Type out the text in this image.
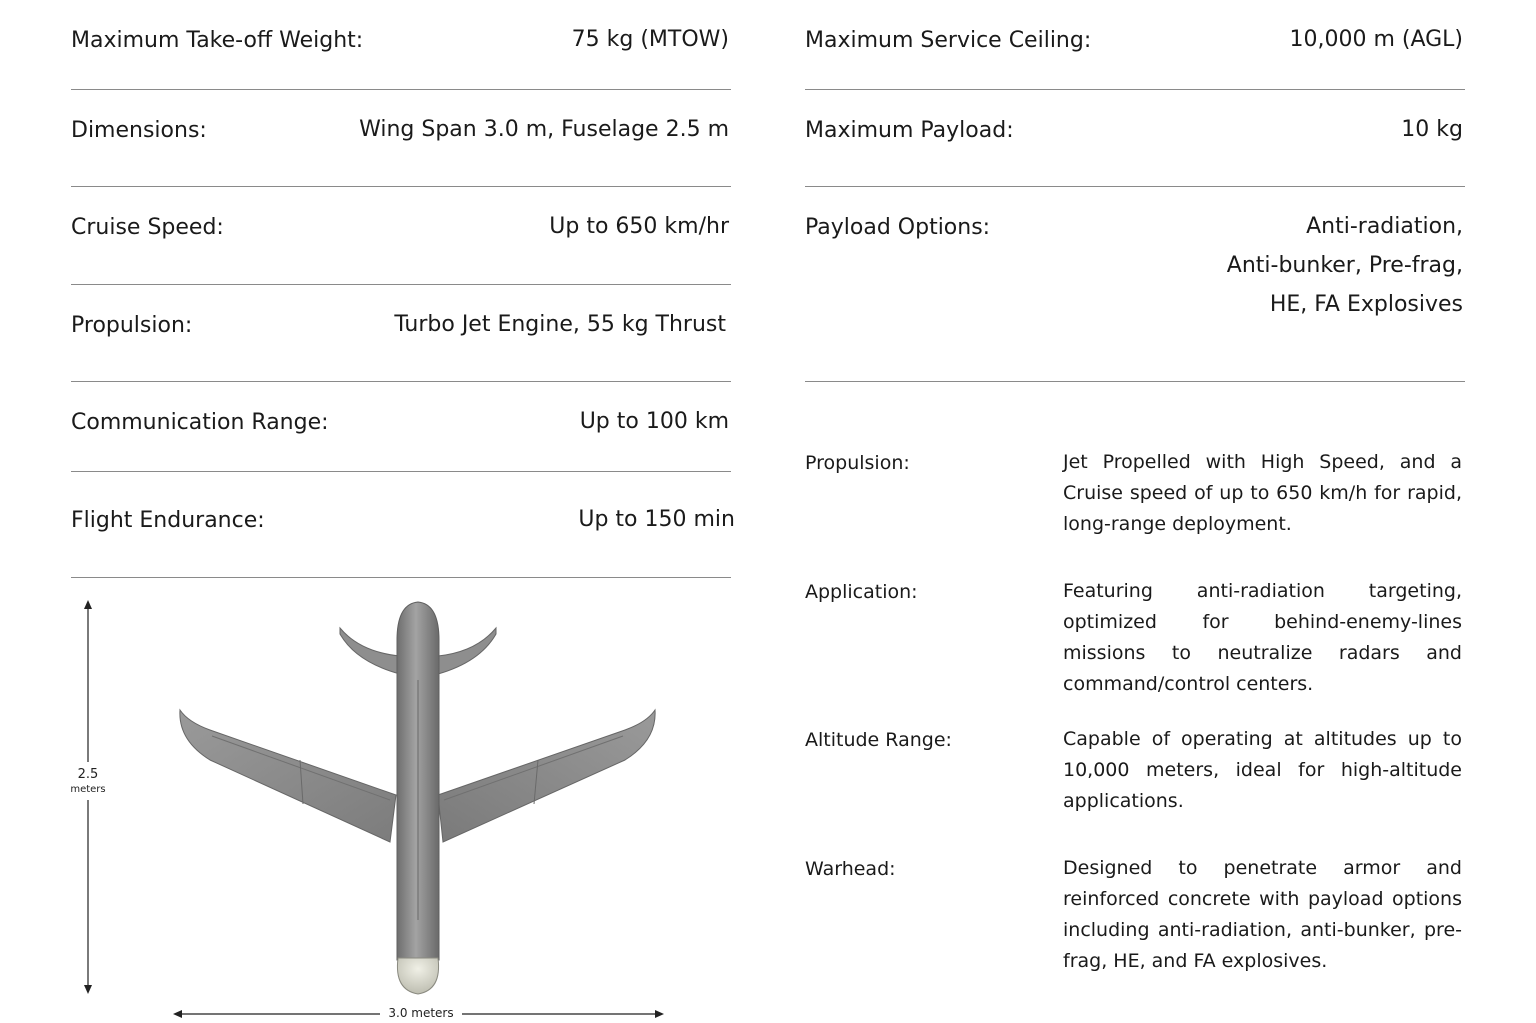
Maximum Take-off Weight:	75 kg (MTOW)
Dimensions:	Wing Span 3.0 m, Fuselage 2.5 m
Cruise Speed:	Up to 650 km/hr
Propulsion:	Turbo Jet Engine, 55 kg Thrust
Communication Range:	Up to 100 km
Flight Endurance:	Up to 150 min
Maximum Service Ceiling:	10,000 m (AGL)
Maximum Payload:	10 kg
Payload Options:	Anti-radiation,
Anti-bunker, Pre-frag,
HE, FA Explosives
Propulsion:	Jet Propelled with High Speed, and a Cruise speed of up to 650 km/h for rapid, long-range deployment.
Application:	Featuring anti-radiation targeting, optimized for behind-enemy-lines missions to neutralize radars and command/control centers.
Altitude Range:	Capable of operating at altitudes up to 10,000 meters, ideal for high-altitude applications.
Warhead:	Designed to penetrate armor and reinforced concrete with payload options including anti-radiation, anti-bunker, pre-frag, HE, and FA explosives.
2.5
meters
3.0 meters
